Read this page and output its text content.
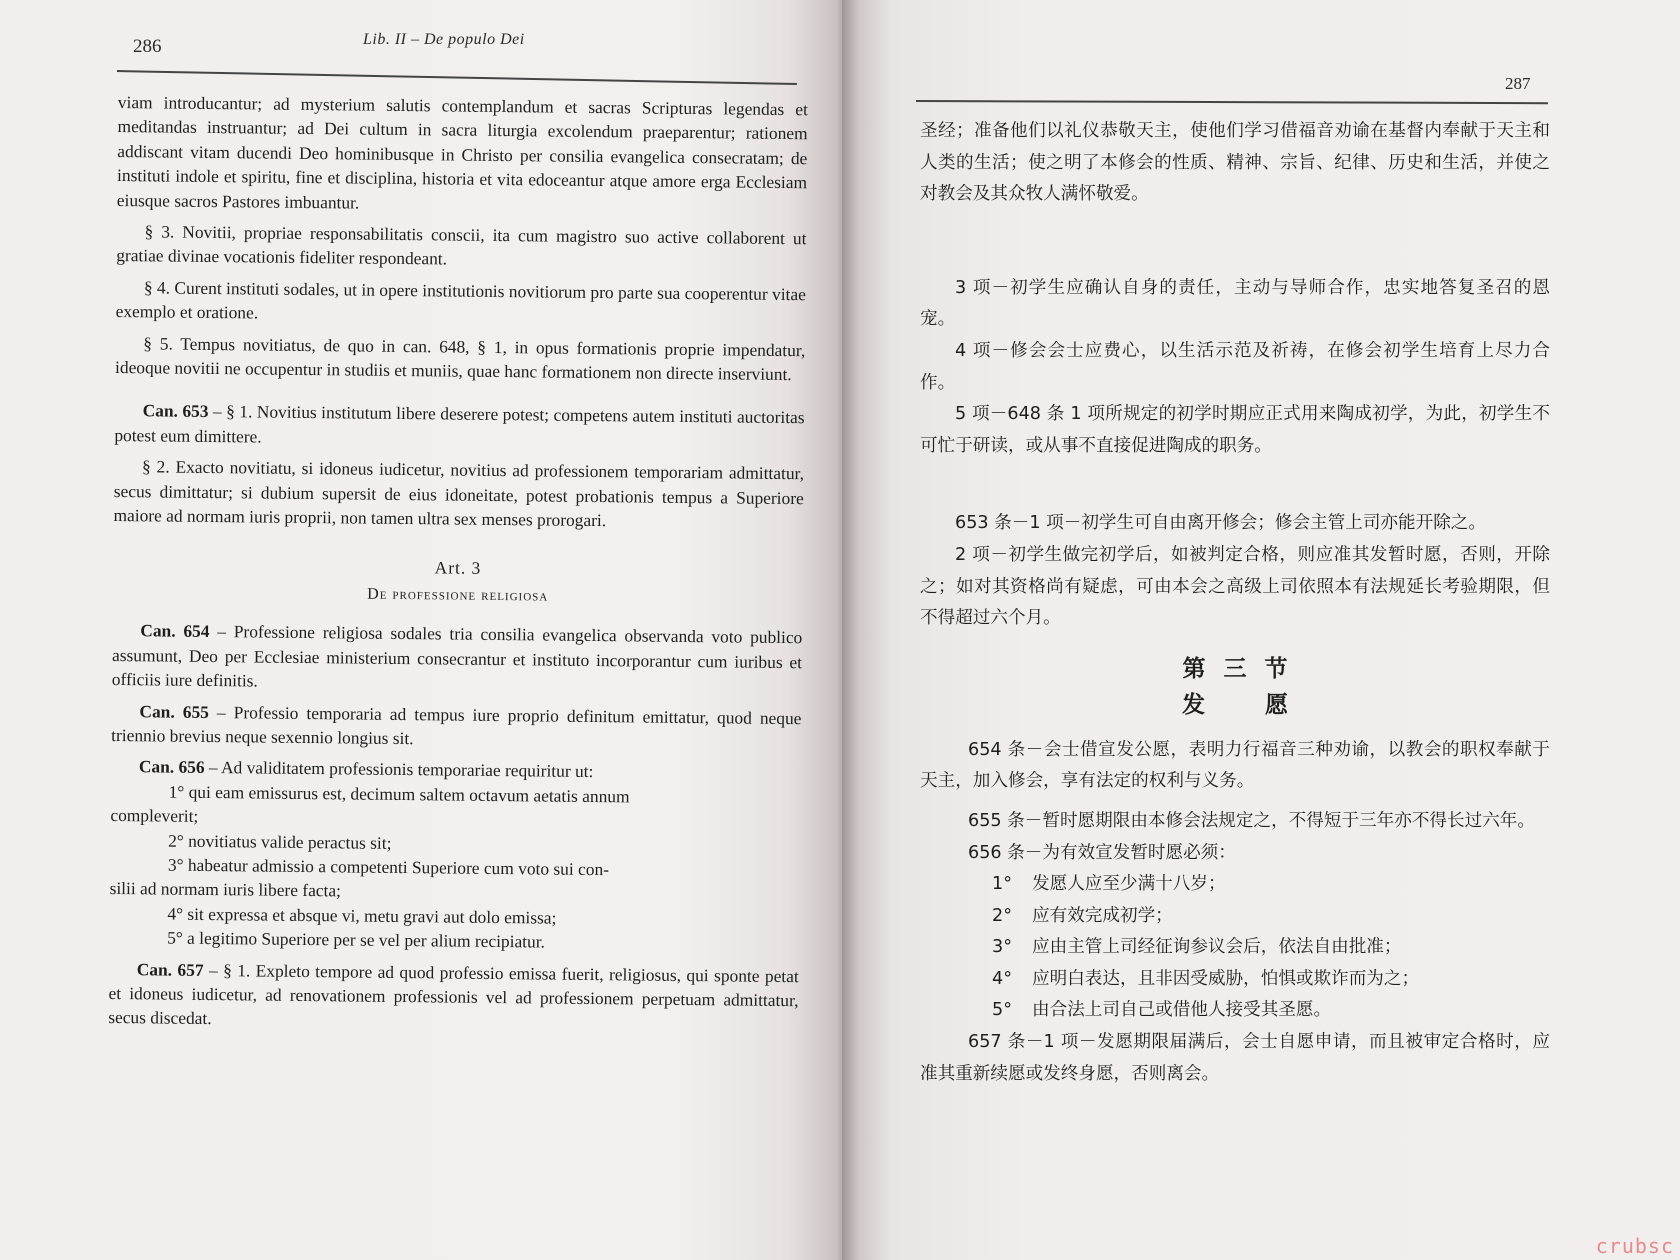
286	Lib. II – De populo Dei

viam introducantur; ad mysterium salutis contemplandum et sacras Scripturas legendas et meditandas instruantur; ad Dei cultum in sacra liturgia excolendum praeparentur; rationem addiscant vitam ducendi Deo hominibusque in Christo per consilia evangelica consecratam; de instituti indole et spiritu, fine et disciplina, historia et vita edoceantur atque amore erga Ecclesiam eiusque sacros Pastores imbuantur.

§ 3. Novitii, propriae responsabilitatis conscii, ita cum magistro suo active collaborent ut gratiae divinae vocationis fideliter respondeant.

§ 4. Curent instituti sodales, ut in opere institutionis novitiorum pro parte sua cooperentur vitae exemplo et oratione.

§ 5. Tempus novitiatus, de quo in can. 648, § 1, in opus formationis proprie impendatur, ideoque novitii ne occupentur in studiis et muniis, quae hanc formationem non directe inserviunt.

Can. 653 – § 1. Novitius institutum libere deserere potest; competens autem instituti auctoritas potest eum dimittere.

§ 2. Exacto novitiatu, si idoneus iudicetur, novitius ad professionem temporariam admittatur, secus dimittatur; si dubium supersit de eius idoneitate, potest probationis tempus a Superiore maiore ad normam iuris proprii, non tamen ultra sex menses prorogari.

Art. 3
De professione religiosa

Can. 654 – Professione religiosa sodales tria consilia evangelica observanda voto publico assumunt, Deo per Ecclesiae ministerium consecrantur et instituto incorporantur cum iuribus et officiis iure definitis.

Can. 655 – Professio temporaria ad tempus iure proprio definitum emittatur, quod neque triennio brevius neque sexennio longius sit.

Can. 656 – Ad validitatem professionis temporariae requiritur ut:

1° qui eam emissurus est, decimum saltem octavum aetatis annum

compleverit;

2° novitiatus valide peractus sit;

3° habeatur admissio a competenti Superiore cum voto sui con-

silii ad normam iuris libere facta;

4° sit expressa et absque vi, metu gravi aut dolo emissa;

5° a legitimo Superiore per se vel per alium recipiatur.

Can. 657 – § 1. Expleto tempore ad quod professio emissa fuerit, religiosus, qui sponte petat et idoneus iudicetur, ad renovationem professionis vel ad professionem perpetuam admittatur, secus discedat.

287

圣经；准备他们以礼仪恭敬天主，使他们学习借福音劝谕在基督内奉献于天主和人类的生活；使之明了本修会的性质、精神、宗旨、纪律、历史和生活，并使之对教会及其众牧人满怀敬爱。

3 项－初学生应确认自身的责任，主动与导师合作，忠实地答复圣召的恩宠。

4 项－修会会士应费心，以生活示范及祈祷，在修会初学生培育上尽力合作。

5 项－648 条 1 项所规定的初学时期应正式用来陶成初学，为此，初学生不可忙于研读，或从事不直接促进陶成的职务。

653 条－1 项－初学生可自由离开修会；修会主管上司亦能开除之。

2 项－初学生做完初学后，如被判定合格，则应准其发暂时愿，否则，开除之；如对其资格尚有疑虑，可由本会之高级上司依照本有法规延长考验期限，但不得超过六个月。

第三节
发愿

654 条－会士借宣发公愿，表明力行福音三种劝谕，以教会的职权奉献于天主，加入修会，享有法定的权利与义务。

655 条－暂时愿期限由本修会法规定之，不得短于三年亦不得长过六年。

656 条－为有效宣发暂时愿必须：

1° 发愿人应至少满十八岁；

2° 应有效完成初学；

3° 应由主管上司经征询参议会后，依法自由批准；

4° 应明白表达，且非因受威胁，怕惧或欺诈而为之；

5° 由合法上司自己或借他人接受其圣愿。

657 条－1 项－发愿期限届满后，会士自愿申请，而且被审定合格时，应准其重新续愿或发终身愿，否则离会。

crubsc
